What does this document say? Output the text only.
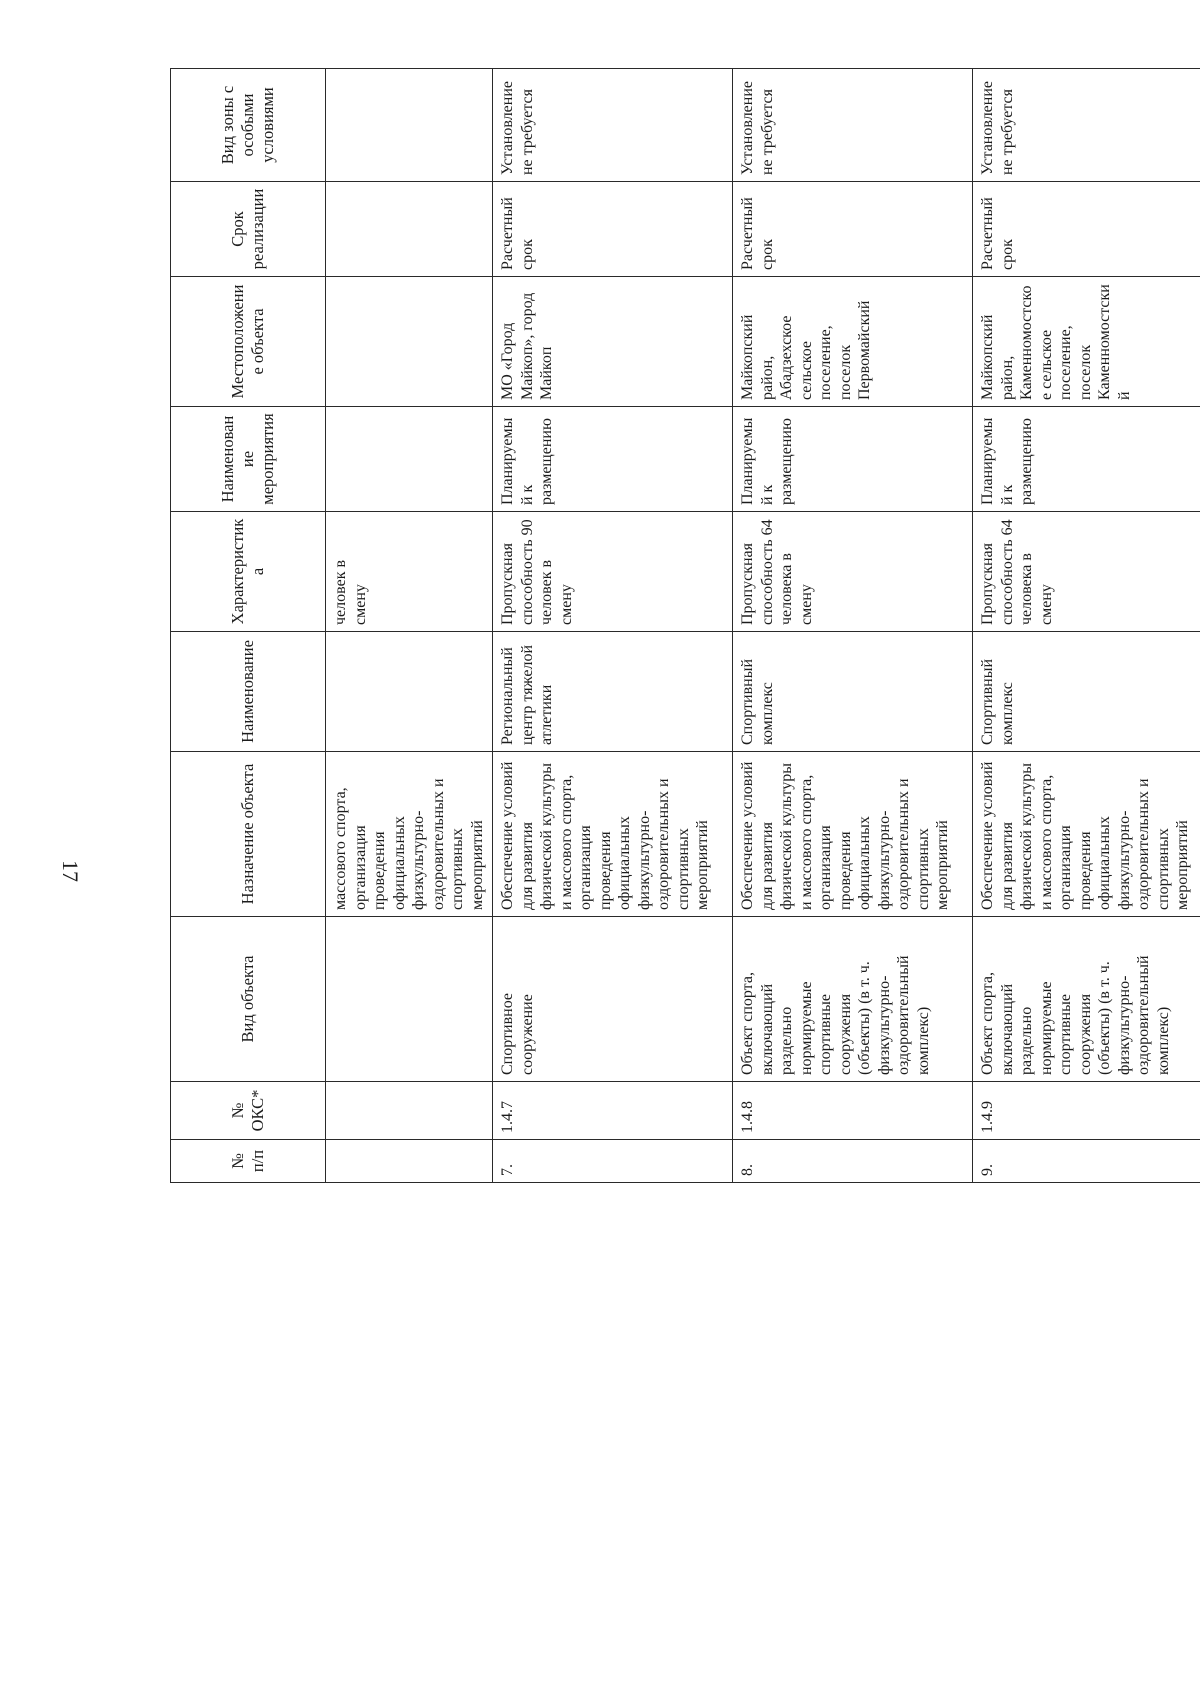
17
№ п/п	№ ОКС*	Вид объекта	Назначение объекта	Наименование	Характеристика	Наименование мероприятия	Местоположение объекта	Срок реализации	Вид зоны с особыми условиями
			массового спорта, организация проведения официальных физкультурно-оздоровительных и спортивных мероприятий		человек в смену				
7.	1.4.7	Спортивное сооружение	Обеспечение условий для развития физической культуры и массового спорта, организация проведения официальных физкультурно-оздоровительных и спортивных мероприятий	Региональный центр тяжелой атлетики	Пропускная способность 90 человек в смену	Планируемый к размещению	МО «Город Майкоп», город Майкоп	Расчетный срок	Установление не требуется
8.	1.4.8	Объект спорта, включающий раздельно нормируемые спортивные сооружения (объекты) (в т. ч. физкультурно-оздоровительный комплекс)	Обеспечение условий для развития физической культуры и массового спорта, организация проведения официальных физкультурно-оздоровительных и спортивных мероприятий	Спортивный комплекс	Пропускная способность 64 человека в смену	Планируемый к размещению	Майкопский район, Абадзехское сельское поселение, поселок Первомайский	Расчетный срок	Установление не требуется
9.	1.4.9	Объект спорта, включающий раздельно нормируемые спортивные сооружения (объекты) (в т. ч. физкультурно-оздоровительный комплекс)	Обеспечение условий для развития физической культуры и массового спорта, организация проведения официальных физкультурно-оздоровительных и спортивных мероприятий	Спортивный комплекс	Пропускная способность 64 человека в смену	Планируемый к размещению	Майкопский район, Каменномостское сельское поселение, поселок Каменномостский	Расчетный срок	Установление не требуется
